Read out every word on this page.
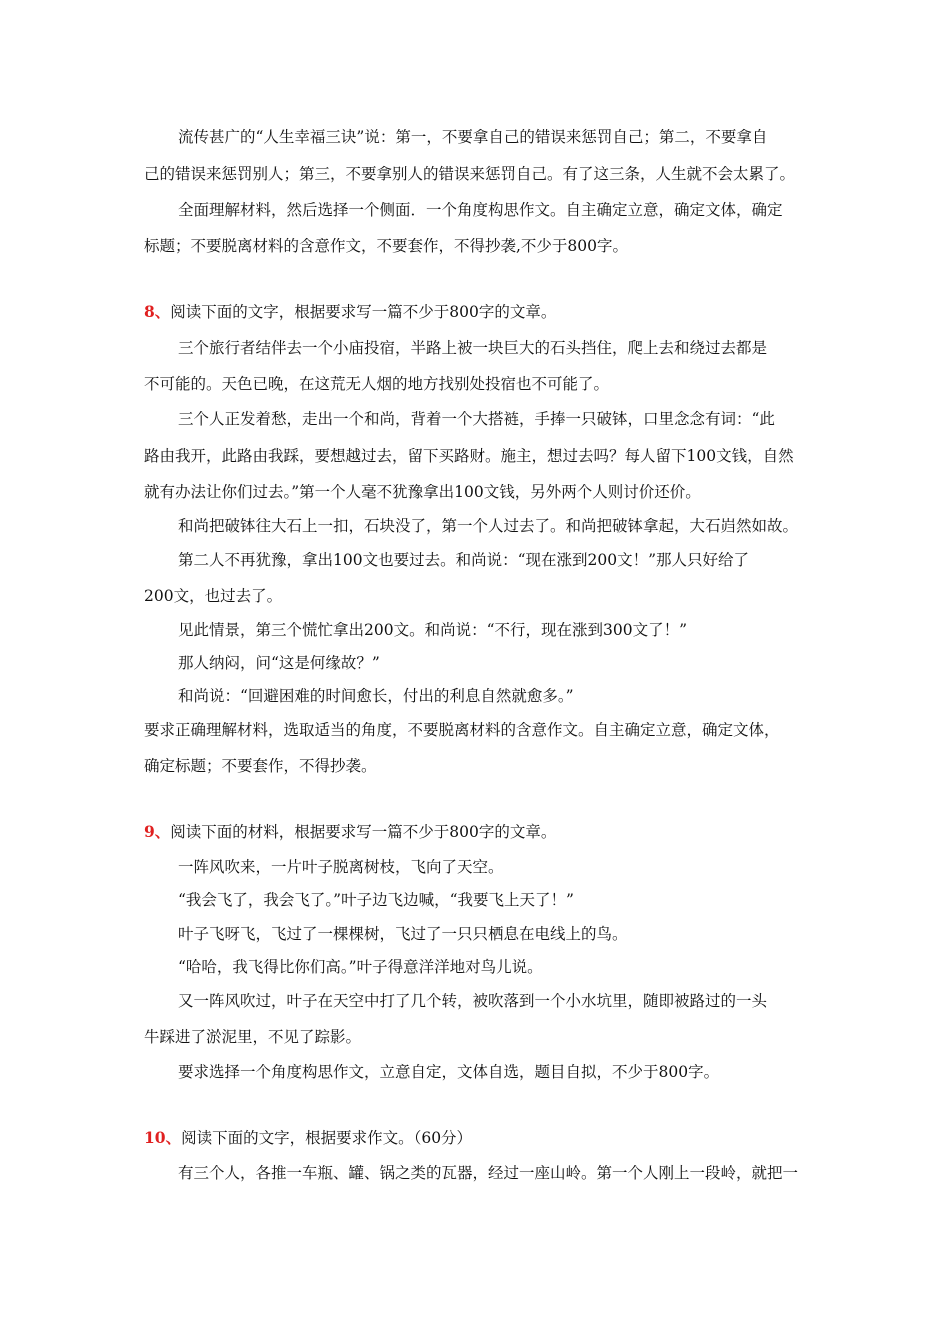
流传甚广的“人生幸福三诀”说：第一，不要拿自己的错误来惩罚自己；第二，不要拿自
己的错误来惩罚别人；第三，不要拿别人的错误来惩罚自己。有了这三条，人生就不会太累了。
全面理解材料，然后选择一个侧面．一个角度构思作文。自主确定立意，确定文体，确定
标题；不要脱离材料的含意作文，不要套作，不得抄袭,不少于800字。
8、阅读下面的文字，根据要求写一篇不少于800字的文章。
三个旅行者结伴去一个小庙投宿，半路上被一块巨大的石头挡住，爬上去和绕过去都是
不可能的。天色已晚，在这荒无人烟的地方找别处投宿也不可能了。
三个人正发着愁，走出一个和尚，背着一个大搭裢，手捧一只破钵，口里念念有词：“此
路由我开，此路由我踩，要想越过去，留下买路财。施主，想过去吗？每人留下100文钱，自然
就有办法让你们过去。”第一个人毫不犹豫拿出100文钱，另外两个人则讨价还价。
和尚把破钵往大石上一扣，石块没了，第一个人过去了。和尚把破钵拿起，大石岿然如故。
第二人不再犹豫，拿出100文也要过去。和尚说：“现在涨到200文！”那人只好给了
200文，也过去了。
见此情景，第三个慌忙拿出200文。和尚说：“不行，现在涨到300文了！”
那人纳闷，问“这是何缘故？”
和尚说：“回避困难的时间愈长，付出的利息自然就愈多。”
要求正确理解材料，选取适当的角度，不要脱离材料的含意作文。自主确定立意，确定文体，
确定标题；不要套作，不得抄袭。
9、阅读下面的材料，根据要求写一篇不少于800字的文章。
一阵风吹来，一片叶子脱离树枝，飞向了天空。
“我会飞了，我会飞了。”叶子边飞边喊，“我要飞上天了！”
叶子飞呀飞，飞过了一棵棵树，飞过了一只只栖息在电线上的鸟。
“哈哈，我飞得比你们高。”叶子得意洋洋地对鸟儿说。
又一阵风吹过，叶子在天空中打了几个转，被吹落到一个小水坑里，随即被路过的一头
牛踩进了淤泥里，不见了踪影。
要求选择一个角度构思作文，立意自定，文体自选，题目自拟，不少于800字。
10、阅读下面的文字，根据要求作文。（60分）
有三个人，各推一车瓶、罐、锅之类的瓦器，经过一座山岭。第一个人刚上一段岭，就把一
